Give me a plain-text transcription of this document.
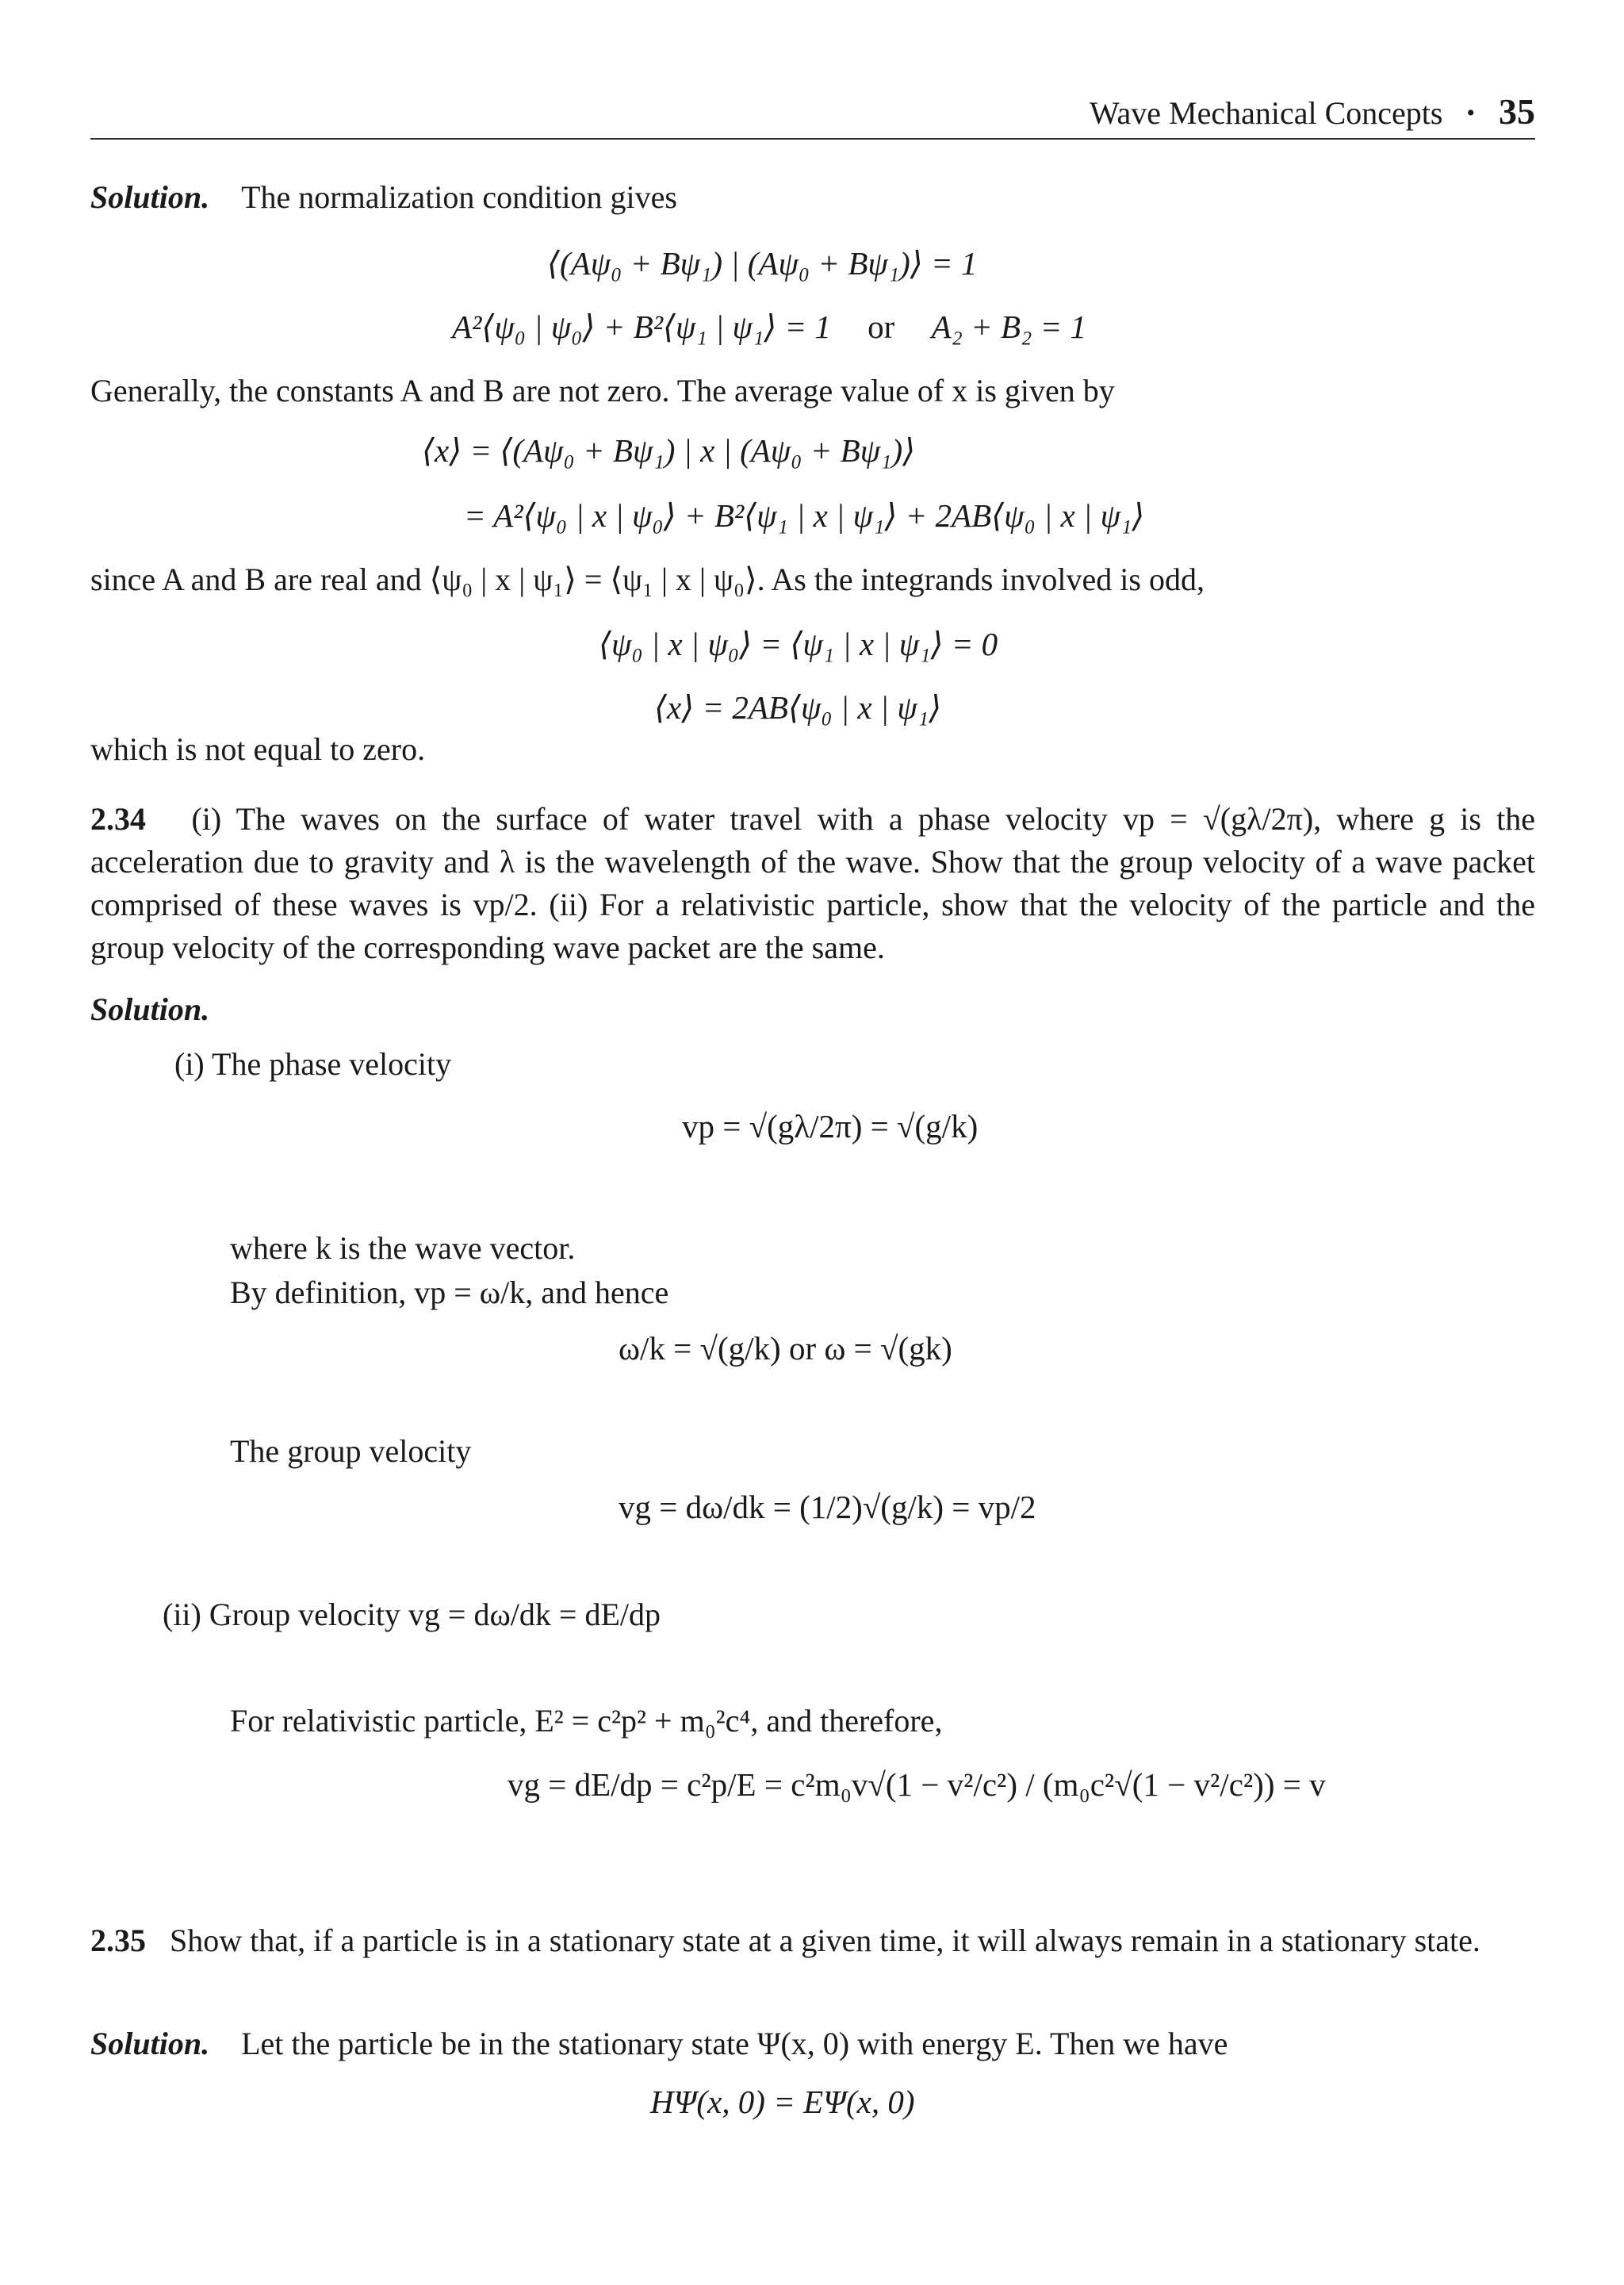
Wave Mechanical Concepts • 35
Solution. The normalization condition gives
⟨(Aψ₀ + Bψ₁) | (Aψ₀ + Bψ₁)⟩ = 1
A²⟨ψ₀ | ψ₀⟩ + B²⟨ψ₁ | ψ₁⟩ = 1 or A₂ + B₂ = 1
Generally, the constants A and B are not zero. The average value of x is given by
⟨x⟩ = ⟨(Aψ₀ + Bψ₁) | x | (Aψ₀ + Bψ₁)⟩
= A²⟨ψ₀ | x | ψ₀⟩ + B²⟨ψ₁ | x | ψ₁⟩ + 2AB⟨ψ₀ | x | ψ₁⟩
since A and B are real and ⟨ψ₀ | x | ψ₁⟩ = ⟨ψ₁ | x | ψ₀⟩. As the integrands involved is odd,
⟨ψ₀ | x | ψ₀⟩ = ⟨ψ₁ | x | ψ₁⟩ = 0
⟨x⟩ = 2AB⟨ψ₀ | x | ψ₁⟩
which is not equal to zero.
2.34 (i) The waves on the surface of water travel with a phase velocity vp = √(gλ/2π), where g is the acceleration due to gravity and λ is the wavelength of the wave. Show that the group velocity of a wave packet comprised of these waves is vp/2. (ii) For a relativistic particle, show that the velocity of the particle and the group velocity of the corresponding wave packet are the same.
Solution.
(i) The phase velocity
vp = √(gλ/2π) = √(g/k)
where k is the wave vector.
By definition, vp = ω/k, and hence
ω/k = √(g/k) or ω = √(gk)
The group velocity
vg = dω/dk = (1/2)√(g/k) = vp/2
(ii) Group velocity vg = dω/dk = dE/dp
For relativistic particle, E² = c²p² + m₀²c⁴, and therefore,
vg = dE/dp = c²p/E = c²m₀v√(1 − v²/c²) / (m₀c²√(1 − v²/c²)) = v
2.35 Show that, if a particle is in a stationary state at a given time, it will always remain in a stationary state.
Solution. Let the particle be in the stationary state Ψ(x, 0) with energy E. Then we have
HΨ(x, 0) = EΨ(x, 0)
